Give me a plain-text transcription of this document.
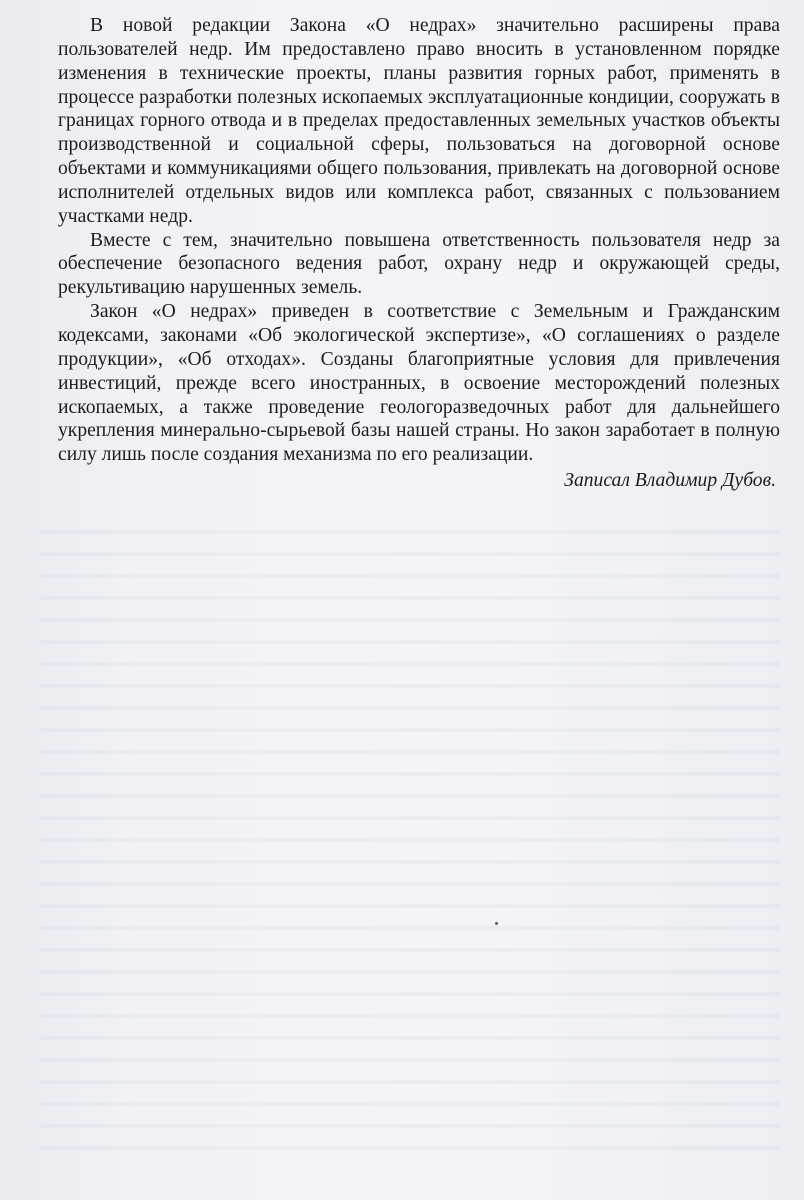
В новой редакции Закона «О недрах» значительно расширены права пользователей недр. Им предоставлено право вносить в установленном порядке изменения в технические проекты, планы развития горных работ, применять в процессе разработки полезных ископаемых эксплуатационные кондиции, сооружать в границах горного отвода и в пределах предоставленных земельных участков объекты производственной и социальной сферы, пользоваться на договорной основе объектами и коммуникациями общего пользования, привлекать на договорной основе исполнителей отдельных видов или комплекса работ, связанных с пользованием участками недр.

Вместе с тем, значительно повышена ответственность пользователя недр за обеспечение безопасного ведения работ, охрану недр и окружающей среды, рекультивацию нарушенных земель.

Закон «О недрах» приведен в соответствие с Земельным и Гражданским кодексами, законами «Об экологической экспертизе», «О соглашениях о разделе продукции», «Об отходах». Созданы благоприятные условия для привлечения инвестиций, прежде всего иностранных, в освоение месторождений полезных ископаемых, а также проведение геологоразведочных работ для дальнейшего укрепления минерально-сырьевой базы нашей страны. Но закон заработает в полную силу лишь после создания механизма по его реализации.

Записал Владимир Дубов.
